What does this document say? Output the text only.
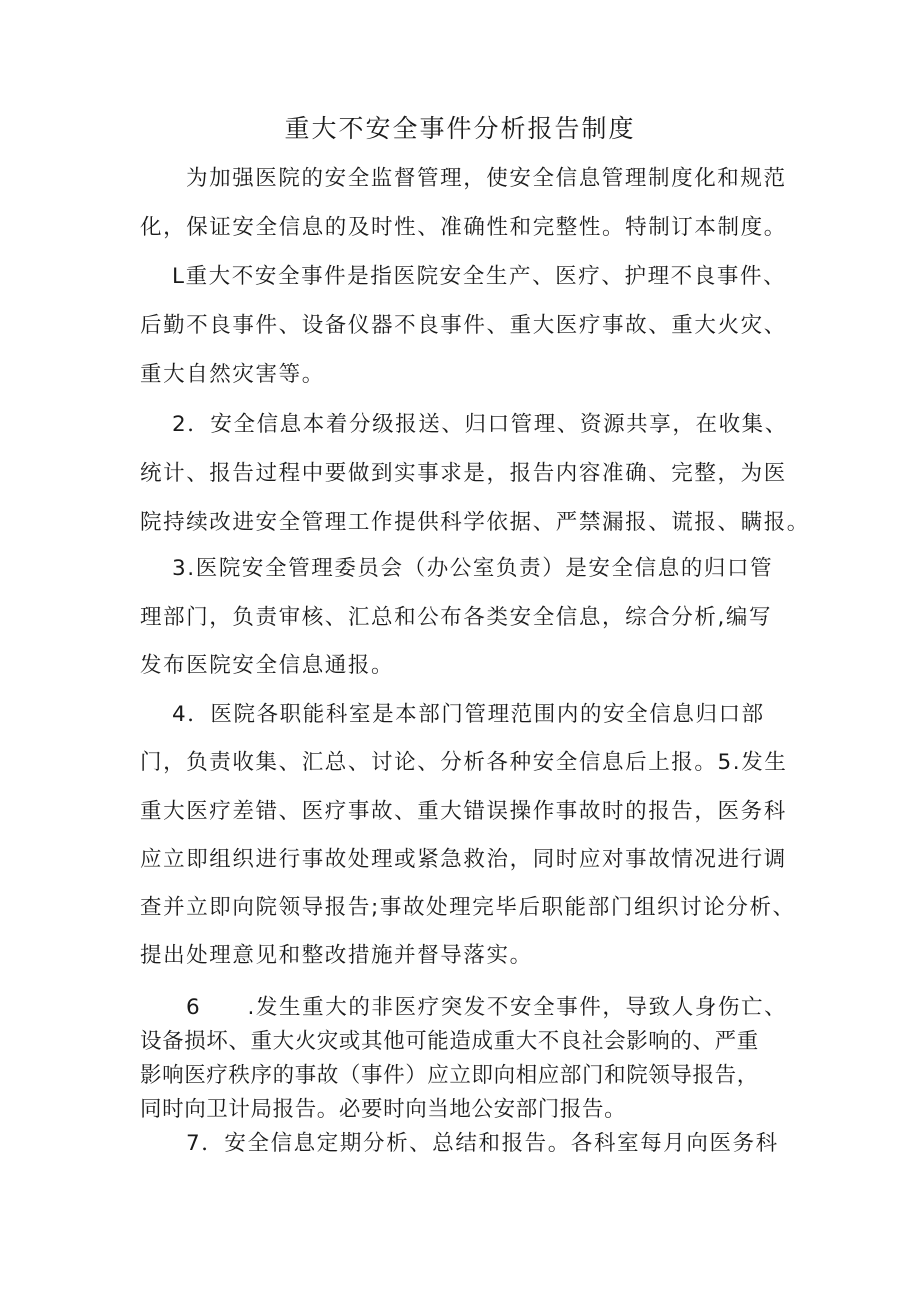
重大不安全事件分析报告制度
为加强医院的安全监督管理，使安全信息管理制度化和规范
化，保证安全信息的及时性、准确性和完整性。特制订本制度。
L重大不安全事件是指医院安全生产、医疗、护理不良事件、
后勤不良事件、设备仪器不良事件、重大医疗事故、重大火灾、
重大自然灾害等。
2．安全信息本着分级报送、归口管理、资源共享，在收集、
统计、报告过程中要做到实事求是，报告内容准确、完整，为医
院持续改进安全管理工作提供科学依据、严禁漏报、谎报、瞒报。
3.医院安全管理委员会（办公室负责）是安全信息的归口管
理部门，负责审核、汇总和公布各类安全信息，综合分析,编写
发布医院安全信息通报。
4．医院各职能科室是本部门管理范围内的安全信息归口部
门，负责收集、汇总、讨论、分析各种安全信息后上报。5.发生
重大医疗差错、医疗事故、重大错误操作事故时的报告，医务科
应立即组织进行事故处理或紧急救治，同时应对事故情况进行调
查并立即向院领导报告;事故处理完毕后职能部门组织讨论分析、
提出处理意见和整改措施并督导落实。
6　　.发生重大的非医疗突发不安全事件，导致人身伤亡、
设备损坏、重大火灾或其他可能造成重大不良社会影响的、严重
影响医疗秩序的事故（事件）应立即向相应部门和院领导报告，
同时向卫计局报告。必要时向当地公安部门报告。
7．安全信息定期分析、总结和报告。各科室每月向医务科
